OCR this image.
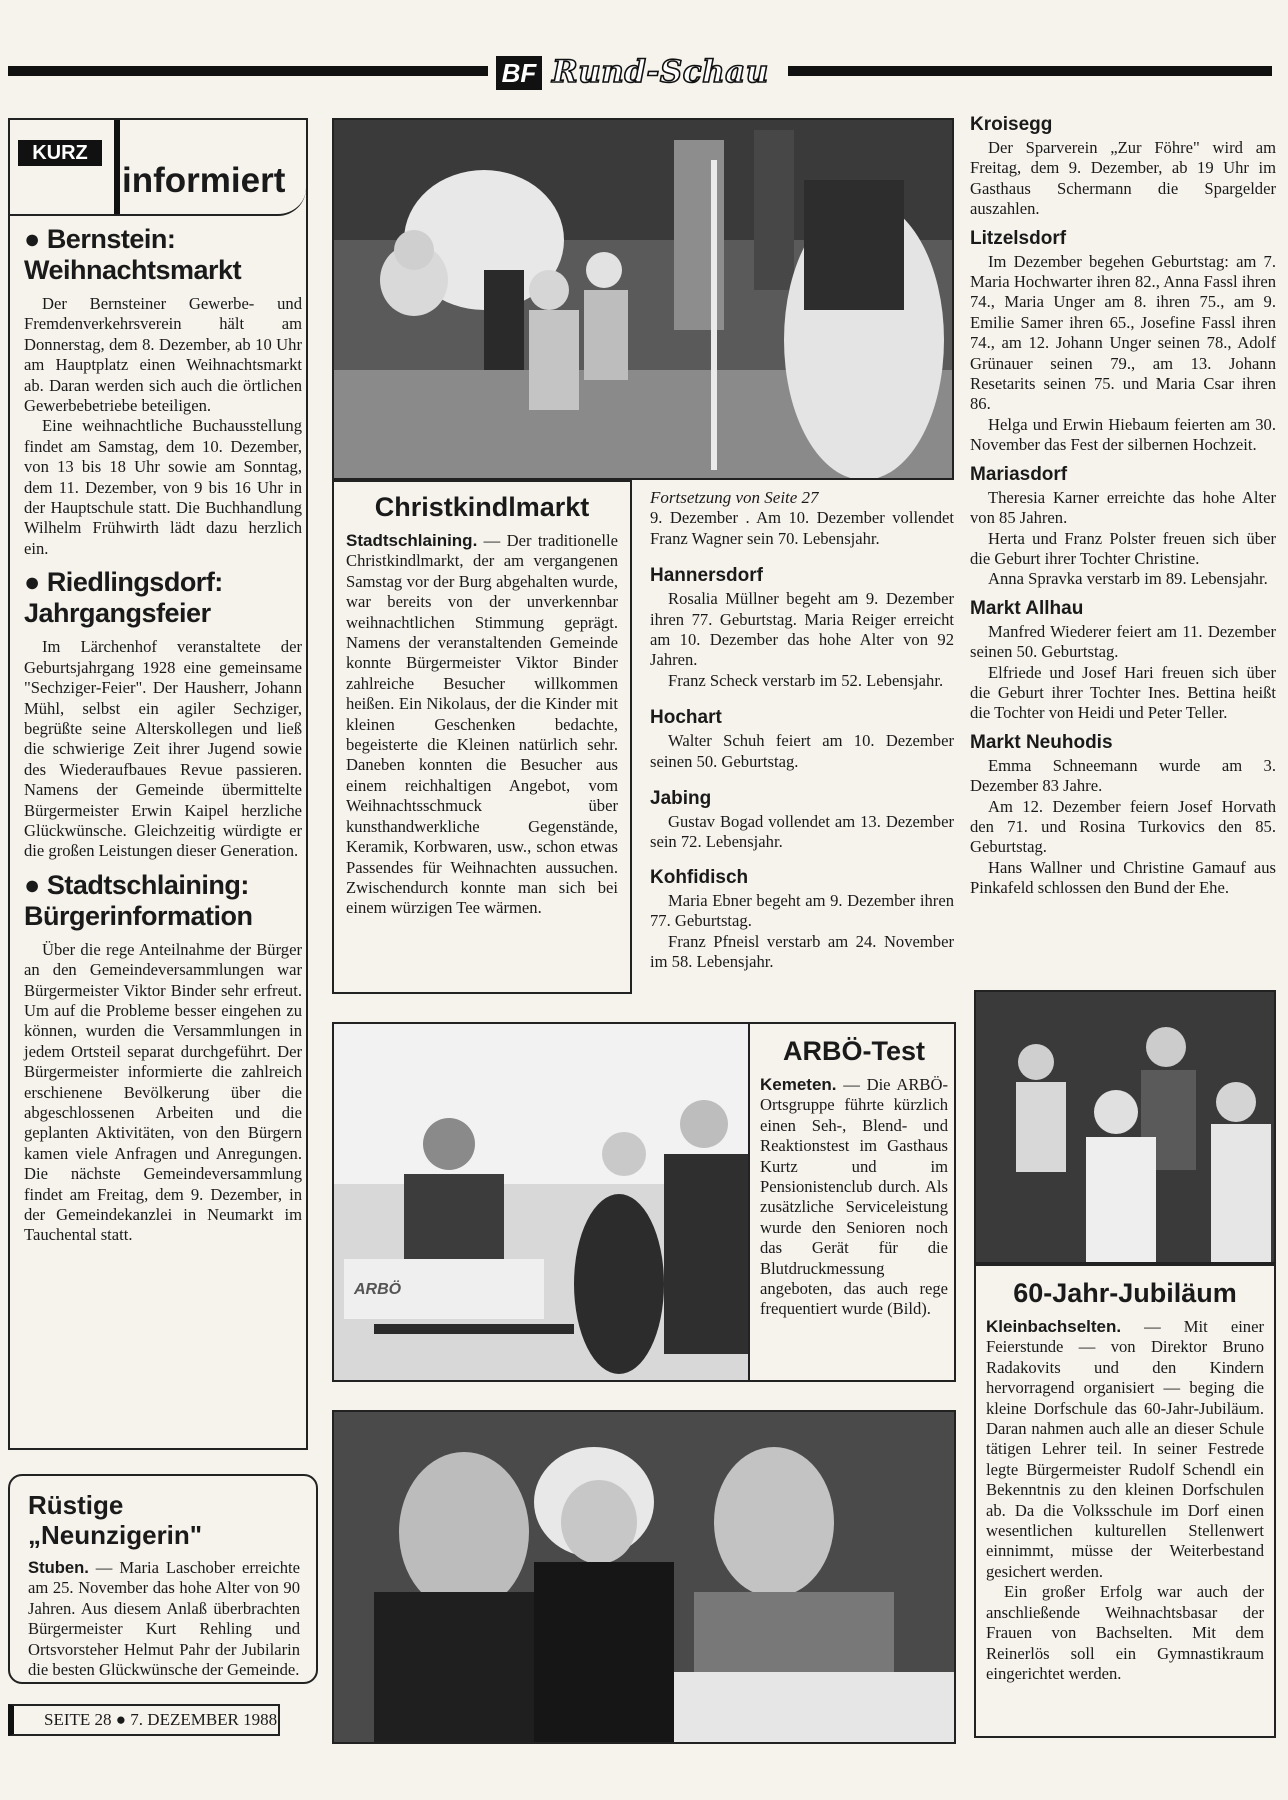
BF Rund-Schau
KURZ
informiert

● Bernstein: Weihnachtsmarkt

Der Bernsteiner Gewerbe- und Fremdenverkehrsverein hält am Donnerstag, dem 8. Dezember, ab 10 Uhr am Hauptplatz einen Weihnachtsmarkt ab. Daran werden sich auch die örtlichen Gewerbebetriebe beteiligen.

Eine weihnachtliche Buchausstellung findet am Samstag, dem 10. Dezember, von 13 bis 18 Uhr sowie am Sonntag, dem 11. Dezember, von 9 bis 16 Uhr in der Hauptschule statt. Die Buchhandlung Wilhelm Frühwirth lädt dazu herzlich ein.

● Riedlingsdorf: Jahrgangsfeier

Im Lärchenhof veranstaltete der Geburtsjahrgang 1928 eine gemeinsame "Sechziger-Feier". Der Hausherr, Johann Mühl, selbst ein agiler Sechziger, begrüßte seine Alterskollegen und ließ die schwierige Zeit ihrer Jugend sowie des Wiederaufbaues Revue passieren. Namens der Gemeinde übermittelte Bürgermeister Erwin Kaipel herzliche Glückwünsche. Gleichzeitig würdigte er die großen Leistungen dieser Generation.

● Stadtschlaining: Bürgerinformation

Über die rege Anteilnahme der Bürger an den Gemeindeversammlungen war Bürgermeister Viktor Binder sehr erfreut. Um auf die Probleme besser eingehen zu können, wurden die Versammlungen in jedem Ortsteil separat durchgeführt. Der Bürgermeister informierte die zahlreich erschienene Bevölkerung über die abgeschlossenen Arbeiten und die geplanten Aktivitäten, von den Bürgern kamen viele Anfragen und Anregungen. Die nächste Gemeindeversammlung findet am Freitag, dem 9. Dezember, in der Gemeindekanzlei in Neumarkt im Tauchental statt.

Rüstige „Neunzigerin"

Stuben. — Maria Laschober erreichte am 25. November das hohe Alter von 90 Jahren. Aus diesem Anlaß überbrachten Bürgermeister Kurt Rehling und Ortsvorsteher Helmut Pahr der Jubilarin die besten Glückwünsche der Gemeinde.

SEITE 28 ● 7. DEZEMBER 1988

Christkindlmarkt

Stadtschlaining. — Der traditionelle Christkindlmarkt, der am vergangenen Samstag vor der Burg abgehalten wurde, war bereits von der unverkennbar weihnachtlichen Stimmung geprägt. Namens der veranstaltenden Gemeinde konnte Bürgermeister Viktor Binder zahlreiche Besucher willkommen heißen. Ein Nikolaus, der die Kinder mit kleinen Geschenken bedachte, begeisterte die Kleinen natürlich sehr. Daneben konnten die Besucher aus einem reichhaltigen Angebot, vom Weihnachtsschmuck über kunsthandwerkliche Gegenstände, Keramik, Korbwaren, usw., schon etwas Passendes für Weihnachten aussuchen. Zwischendurch konnte man sich bei einem würzigen Tee wärmen.

Fortsetzung von Seite 27

9. Dezember . Am 10. Dezember vollendet Franz Wagner sein 70. Lebensjahr.

Hannersdorf

Rosalia Müllner begeht am 9. Dezember ihren 77. Geburtstag. Maria Reiger erreicht am 10. Dezember das hohe Alter von 92 Jahren.

Franz Scheck verstarb im 52. Lebensjahr.

Hochart

Walter Schuh feiert am 10. Dezember seinen 50. Geburtstag.

Jabing

Gustav Bogad vollendet am 13. Dezember sein 72. Lebensjahr.

Kohfidisch

Maria Ebner begeht am 9. Dezember ihren 77. Geburtstag.

Franz Pfneisl verstarb am 24. November im 58. Lebensjahr.

Kroisegg

Der Sparverein „Zur Föhre" wird am Freitag, dem 9. Dezember, ab 19 Uhr im Gasthaus Schermann die Spargelder auszahlen.

Litzelsdorf

Im Dezember begehen Geburtstag: am 7. Maria Hochwarter ihren 82., Anna Fassl ihren 74., Maria Unger am 8. ihren 75., am 9. Emilie Samer ihren 65., Josefine Fassl ihren 74., am 12. Johann Unger seinen 78., Adolf Grünauer seinen 79., am 13. Johann Resetarits seinen 75. und Maria Csar ihren 86.

Helga und Erwin Hiebaum feierten am 30. November das Fest der silbernen Hochzeit.

Mariasdorf

Theresia Karner erreichte das hohe Alter von 85 Jahren.

Herta und Franz Polster freuen sich über die Geburt ihrer Tochter Christine.

Anna Spravka verstarb im 89. Lebensjahr.

Markt Allhau

Manfred Wiederer feiert am 11. Dezember seinen 50. Geburtstag.

Elfriede und Josef Hari freuen sich über die Geburt ihrer Tochter Ines. Bettina heißt die Tochter von Heidi und Peter Teller.

Markt Neuhodis

Emma Schneemann wurde am 3. Dezember 83 Jahre.

Am 12. Dezember feiern Josef Horvath den 71. und Rosina Turkovics den 85. Geburtstag.

Hans Wallner und Christine Gamauf aus Pinkafeld schlossen den Bund der Ehe.

ARBÖ

ARBÖ-Test

Kemeten. — Die ARBÖ-Ortsgruppe führte kürzlich einen Seh-, Blend- und Reaktionstest im Gasthaus Kurtz und im Pensionistenclub durch. Als zusätzliche Serviceleistung wurde den Senioren noch das Gerät für die Blutdruckmessung angeboten, das auch rege frequentiert wurde (Bild).

60-Jahr-Jubiläum

Kleinbachselten. — Mit einer Feierstunde — von Direktor Bruno Radakovits und den Kindern hervorragend organisiert — beging die kleine Dorfschule das 60-Jahr-Jubiläum. Daran nahmen auch alle an dieser Schule tätigen Lehrer teil. In seiner Festrede legte Bürgermeister Rudolf Schendl ein Bekenntnis zu den kleinen Dorfschulen ab. Da die Volksschule im Dorf einen wesentlichen kulturellen Stellenwert einnimmt, müsse der Weiterbestand gesichert werden.

Ein großer Erfolg war auch der anschließende Weihnachtsbasar der Frauen von Bachselten. Mit dem Reinerlös soll ein Gymnastikraum eingerichtet werden.
